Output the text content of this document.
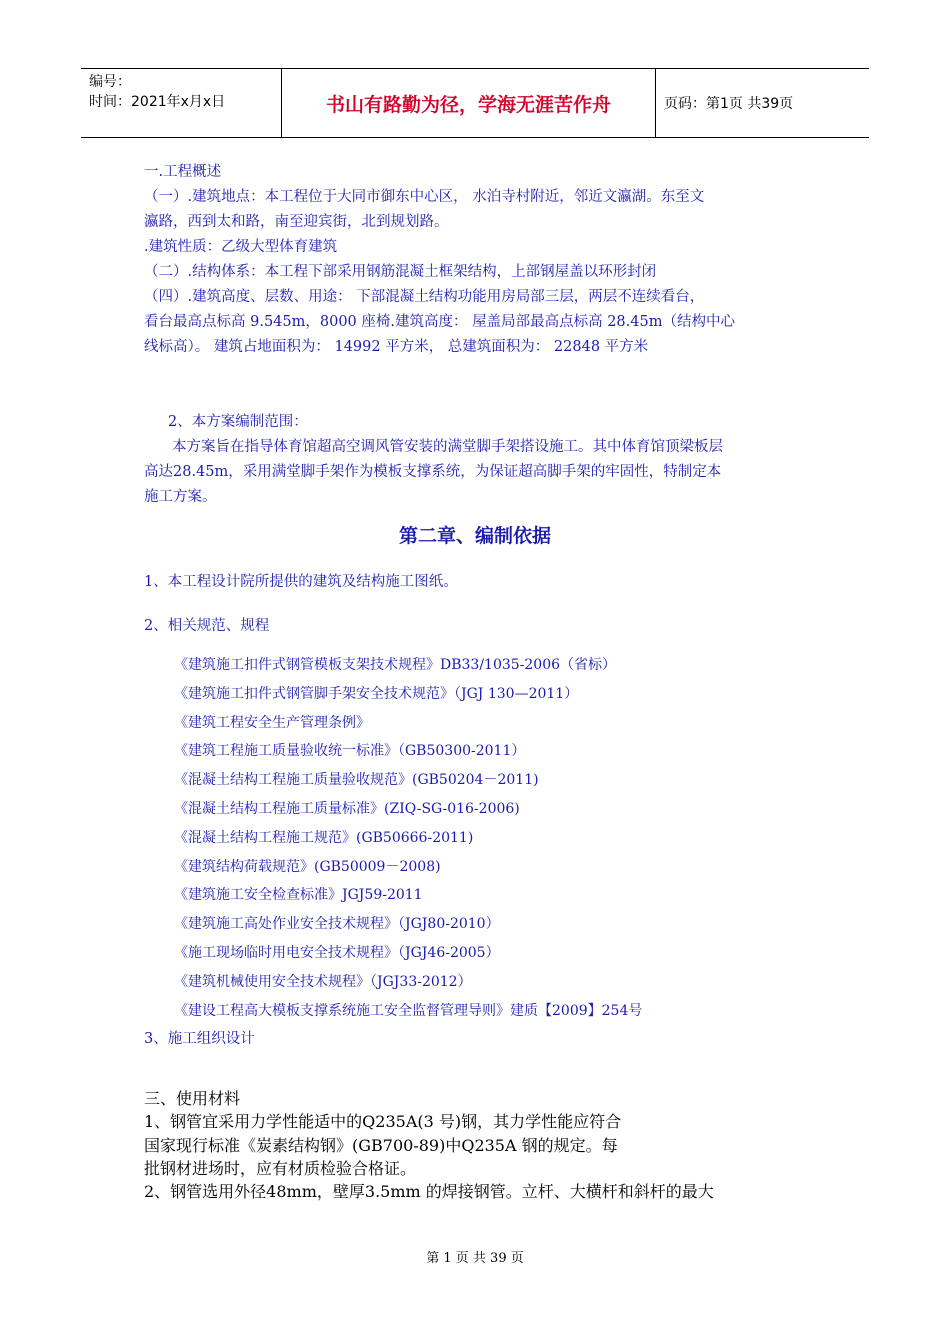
编号：
时间：2021年x月x日	书山有路勤为径，学海无涯苦作舟	页码：第1页 共39页
一.工程概述
（一）.建筑地点：本工程位于大同市御东中心区， 水泊寺村附近，邻近文瀛湖。东至文
瀛路，西到太和路，南至迎宾街，北到规划路。
.建筑性质：乙级大型体育建筑
（二）.结构体系：本工程下部采用钢筋混凝土框架结构，上部钢屋盖以环形封闭
（四）.建筑高度、层数、用途： 下部混凝土结构功能用房局部三层，两层不连续看台，
看台最高点标高 9.545m，8000 座椅.建筑高度： 屋盖局部最高点标高 28.45m（结构中心
线标高）。 建筑占地面积为： 14992 平方米， 总建筑面积为： 22848 平方米
2、本方案编制范围：
本方案旨在指导体育馆超高空调风管安装的满堂脚手架搭设施工。其中体育馆顶梁板层
高达28.45m，采用满堂脚手架作为模板支撑系统，为保证超高脚手架的牢固性，特制定本
施工方案。
第二章、编制依据
1、本工程设计院所提供的建筑及结构施工图纸。
2、相关规范、规程
《建筑施工扣件式钢管模板支架技术规程》DB33/1035-2006（省标）
《建筑施工扣件式钢管脚手架安全技术规范》（JGJ 130—2011）
《建筑工程安全生产管理条例》
《建筑工程施工质量验收统一标准》（GB50300-2011）
《混凝土结构工程施工质量验收规范》(GB50204－2011)
《混凝土结构工程施工质量标准》(ZIQ-SG-016-2006)
《混凝土结构工程施工规范》(GB50666-2011)
《建筑结构荷载规范》(GB50009－2008)
《建筑施工安全检查标准》JGJ59-2011
《建筑施工高处作业安全技术规程》（JGJ80-2010）
《施工现场临时用电安全技术规程》（JGJ46-2005）
《建筑机械使用安全技术规程》（JGJ33-2012）
《建设工程高大模板支撑系统施工安全监督管理导则》建质【2009】254号
3、施工组织设计
三、使用材料
1、钢管宜采用力学性能适中的Q235A(3 号)钢，其力学性能应符合
国家现行标准《炭素结构钢》(GB700-89)中Q235A 钢的规定。每
批钢材进场时，应有材质检验合格证。
2、钢管选用外径48mm，壁厚3.5mm 的焊接钢管。立杆、大横杆和斜杆的最大
第 1 页 共 39 页
